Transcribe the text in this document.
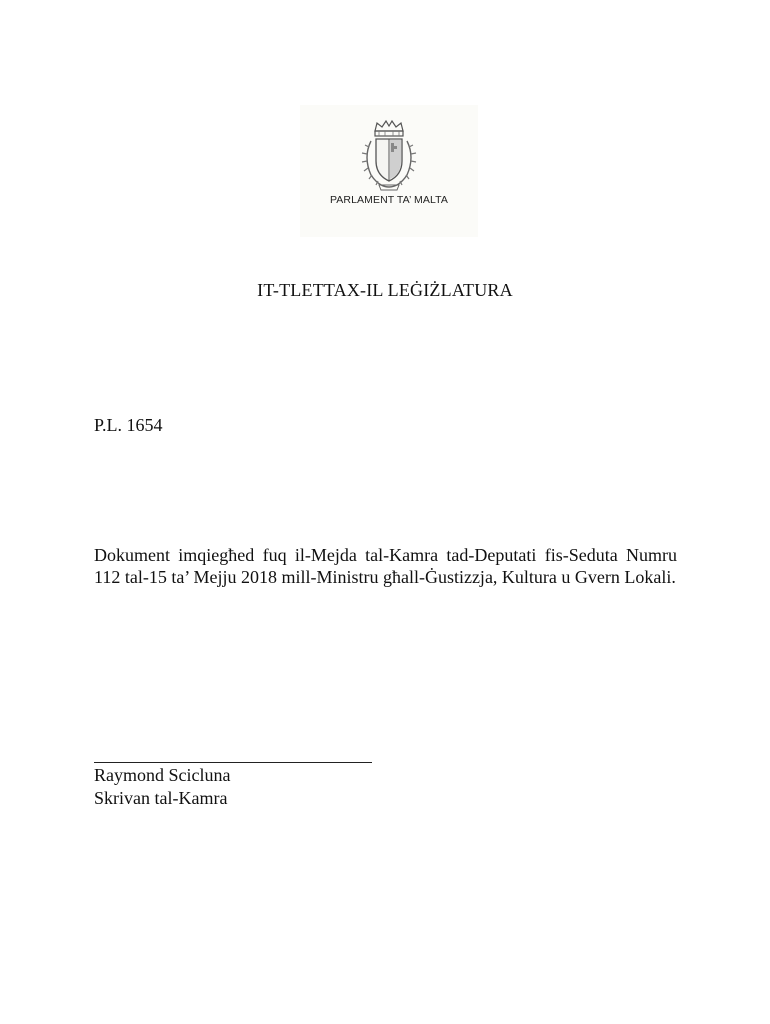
PARLAMENT TA’ MALTA
IT-TLETTAX-IL LEĠIŻLATURA
P.L. 1654
Dokument imqiegħed fuq il-Mejda tal-Kamra tad-Deputati fis-Seduta Numru 112 tal-15 ta’ Mejju 2018 mill-Ministru għall-Ġustizzja, Kultura u Gvern Lokali.
Raymond Scicluna
Skrivan tal-Kamra
